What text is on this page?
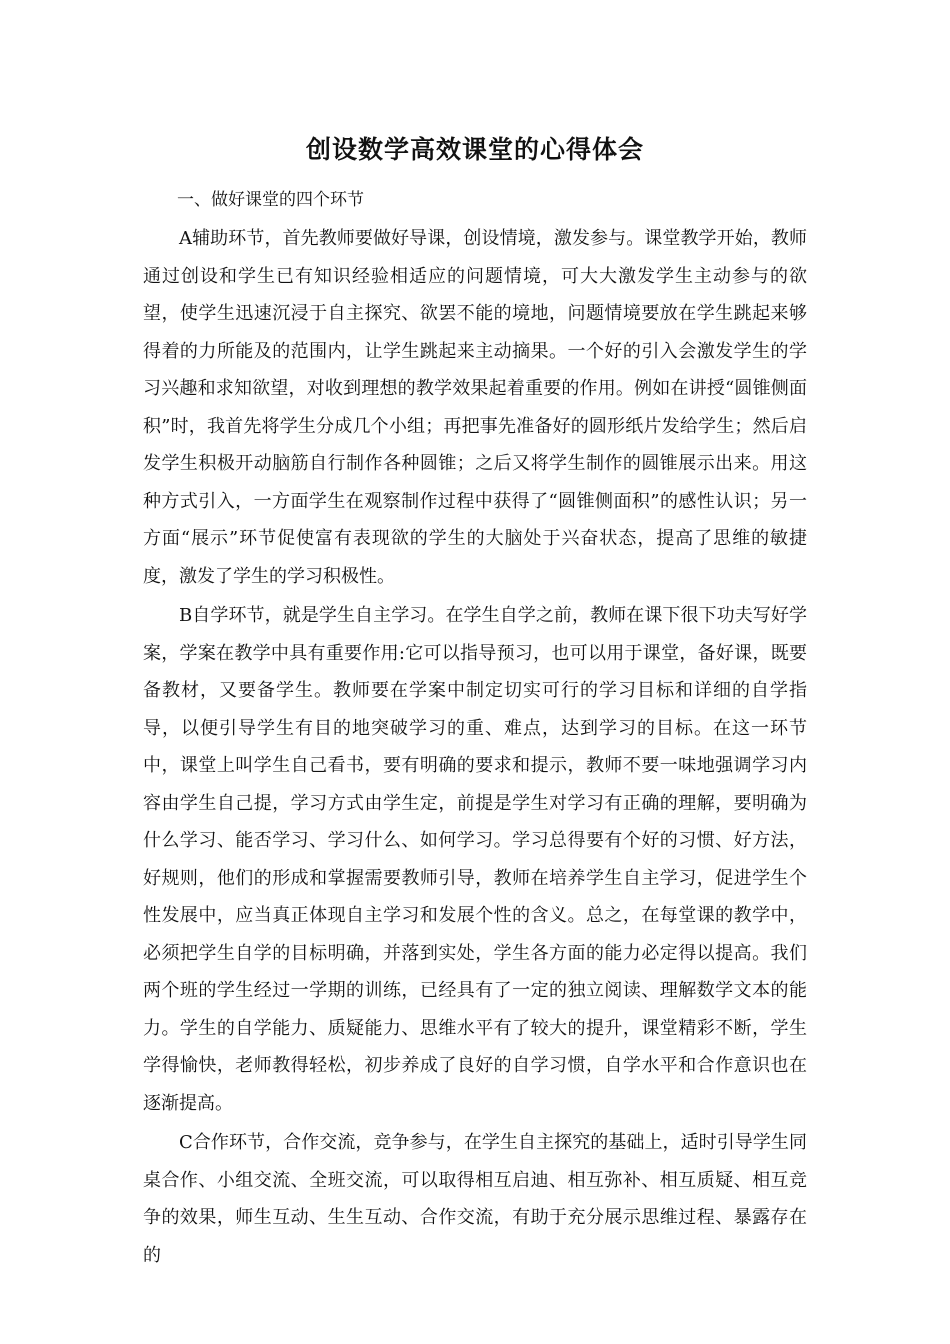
创设数学高效课堂的心得体会

一、做好课堂的四个环节

A辅助环节，首先教师要做好导课，创设情境，激发参与。课堂教学开始，教师通过创设和学生已有知识经验相适应的问题情境，可大大激发学生主动参与的欲望，使学生迅速沉浸于自主探究、欲罢不能的境地，问题情境要放在学生跳起来够得着的力所能及的范围内，让学生跳起来主动摘果。一个好的引入会激发学生的学习兴趣和求知欲望，对收到理想的教学效果起着重要的作用。例如在讲授“圆锥侧面积”时，我首先将学生分成几个小组；再把事先准备好的圆形纸片发给学生；然后启发学生积极开动脑筋自行制作各种圆锥；之后又将学生制作的圆锥展示出来。用这种方式引入，一方面学生在观察制作过程中获得了“圆锥侧面积”的感性认识；另一方面“展示”环节促使富有表现欲的学生的大脑处于兴奋状态，提高了思维的敏捷度，激发了学生的学习积极性。

B自学环节，就是学生自主学习。在学生自学之前，教师在课下很下功夫写好学案，学案在教学中具有重要作用:它可以指导预习，也可以用于课堂，备好课，既要备教材，又要备学生。教师要在学案中制定切实可行的学习目标和详细的自学指导，以便引导学生有目的地突破学习的重、难点，达到学习的目标。在这一环节中，课堂上叫学生自己看书，要有明确的要求和提示，教师不要一味地强调学习内容由学生自己提，学习方式由学生定，前提是学生对学习有正确的理解，要明确为什么学习、能否学习、学习什么、如何学习。学习总得要有个好的习惯、好方法，好规则，他们的形成和掌握需要教师引导，教师在培养学生自主学习，促进学生个性发展中，应当真正体现自主学习和发展个性的含义。总之，在每堂课的教学中，必须把学生自学的目标明确，并落到实处，学生各方面的能力必定得以提高。我们两个班的学生经过一学期的训练，已经具有了一定的独立阅读、理解数学文本的能力。学生的自学能力、质疑能力、思维水平有了较大的提升，课堂精彩不断，学生学得愉快，老师教得轻松，初步养成了良好的自学习惯，自学水平和合作意识也在逐渐提高。

C合作环节，合作交流，竞争参与，在学生自主探究的基础上，适时引导学生同桌合作、小组交流、全班交流，可以取得相互启迪、相互弥补、相互质疑、相互竞争的效果，师生互动、生生互动、合作交流，有助于充分展示思维过程、暴露存在的
